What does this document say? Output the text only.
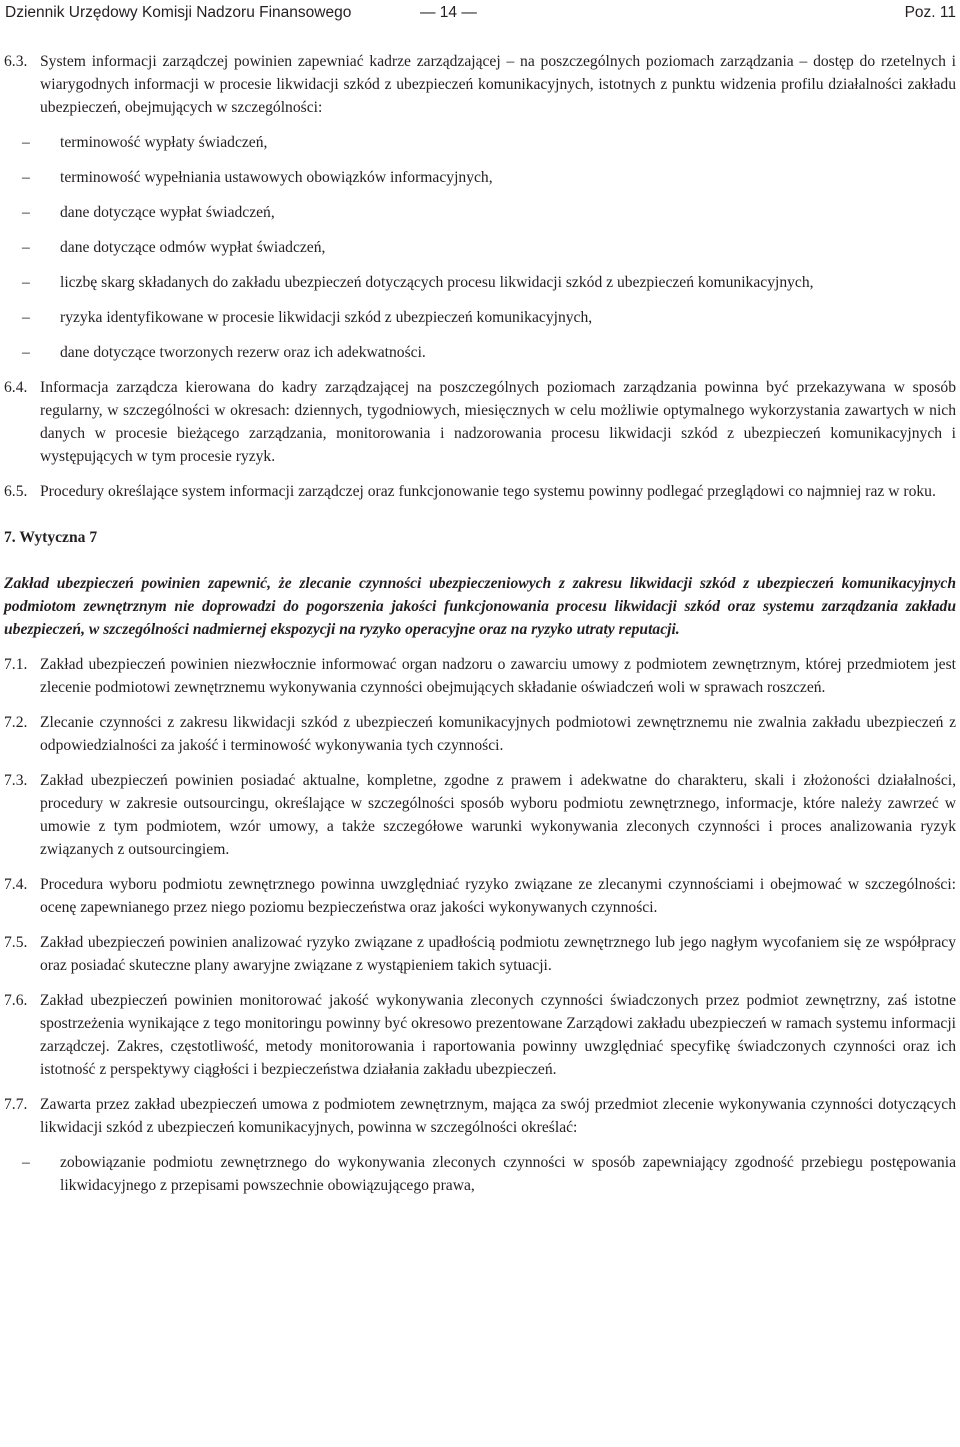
Dziennik Urzędowy Komisji Nadzoru Finansowego	— 14 —	Poz. 11
6.3. System informacji zarządczej powinien zapewniać kadrze zarządzającej – na poszczególnych poziomach zarządzania – dostęp do rzetelnych i wiarygodnych informacji w procesie likwidacji szkód z ubezpieczeń komunikacyjnych, istotnych z punktu widzenia profilu działalności zakładu ubezpieczeń, obejmujących w szczególności:
– terminowość wypłaty świadczeń,
– terminowość wypełniania ustawowych obowiązków informacyjnych,
– dane dotyczące wypłat świadczeń,
– dane dotyczące odmów wypłat świadczeń,
– liczbę skarg składanych do zakładu ubezpieczeń dotyczących procesu likwidacji szkód z ubezpieczeń komunikacyjnych,
– ryzyka identyfikowane w procesie likwidacji szkód z ubezpieczeń komunikacyjnych,
– dane dotyczące tworzonych rezerw oraz ich adekwatności.
6.4. Informacja zarządcza kierowana do kadry zarządzającej na poszczególnych poziomach zarządzania powinna być przekazywana w sposób regularny, w szczególności w okresach: dziennych, tygodniowych, miesięcznych w celu możliwie optymalnego wykorzystania zawartych w nich danych w procesie bieżącego zarządzania, monitorowania i nadzorowania procesu likwidacji szkód z ubezpieczeń komunikacyjnych i występujących w tym procesie ryzyk.
6.5. Procedury określające system informacji zarządczej oraz funkcjonowanie tego systemu powinny podlegać przeglądowi co najmniej raz w roku.
7. Wytyczna 7
Zakład ubezpieczeń powinien zapewnić, że zlecanie czynności ubezpieczeniowych z zakresu likwidacji szkód z ubezpieczeń komunikacyjnych podmiotom zewnętrznym nie doprowadzi do pogorszenia jakości funkcjonowania procesu likwidacji szkód oraz systemu zarządzania zakładu ubezpieczeń, w szczególności nadmiernej ekspozycji na ryzyko operacyjne oraz na ryzyko utraty reputacji.
7.1. Zakład ubezpieczeń powinien niezwłocznie informować organ nadzoru o zawarciu umowy z podmiotem zewnętrznym, której przedmiotem jest zlecenie podmiotowi zewnętrznemu wykonywania czynności obejmujących składanie oświadczeń woli w sprawach roszczeń.
7.2. Zlecanie czynności z zakresu likwidacji szkód z ubezpieczeń komunikacyjnych podmiotowi zewnętrznemu nie zwalnia zakładu ubezpieczeń z odpowiedzialności za jakość i terminowość wykonywania tych czynności.
7.3. Zakład ubezpieczeń powinien posiadać aktualne, kompletne, zgodne z prawem i adekwatne do charakteru, skali i złożoności działalności, procedury w zakresie outsourcingu, określające w szczególności sposób wyboru podmiotu zewnętrznego, informacje, które należy zawrzeć w umowie z tym podmiotem, wzór umowy, a także szczegółowe warunki wykonywania zleconych czynności i proces analizowania ryzyk związanych z outsourcingiem.
7.4. Procedura wyboru podmiotu zewnętrznego powinna uwzględniać ryzyko związane ze zlecanymi czynnościami i obejmować w szczególności: ocenę zapewnianego przez niego poziomu bezpieczeństwa oraz jakości wykonywanych czynności.
7.5. Zakład ubezpieczeń powinien analizować ryzyko związane z upadłością podmiotu zewnętrznego lub jego nagłym wycofaniem się ze współpracy oraz posiadać skuteczne plany awaryjne związane z wystąpieniem takich sytuacji.
7.6. Zakład ubezpieczeń powinien monitorować jakość wykonywania zleconych czynności świadczonych przez podmiot zewnętrzny, zaś istotne spostrzeżenia wynikające z tego monitoringu powinny być okresowo prezentowane Zarządowi zakładu ubezpieczeń w ramach systemu informacji zarządczej. Zakres, częstotliwość, metody monitorowania i raportowania powinny uwzględniać specyfikę świadczonych czynności oraz ich istotność z perspektywy ciągłości i bezpieczeństwa działania zakładu ubezpieczeń.
7.7. Zawarta przez zakład ubezpieczeń umowa z podmiotem zewnętrznym, mająca za swój przedmiot zlecenie wykonywania czynności dotyczących likwidacji szkód z ubezpieczeń komunikacyjnych, powinna w szczególności określać:
– zobowiązanie podmiotu zewnętrznego do wykonywania zleconych czynności w sposób zapewniający zgodność przebiegu postępowania likwidacyjnego z przepisami powszechnie obowiązującego prawa,
